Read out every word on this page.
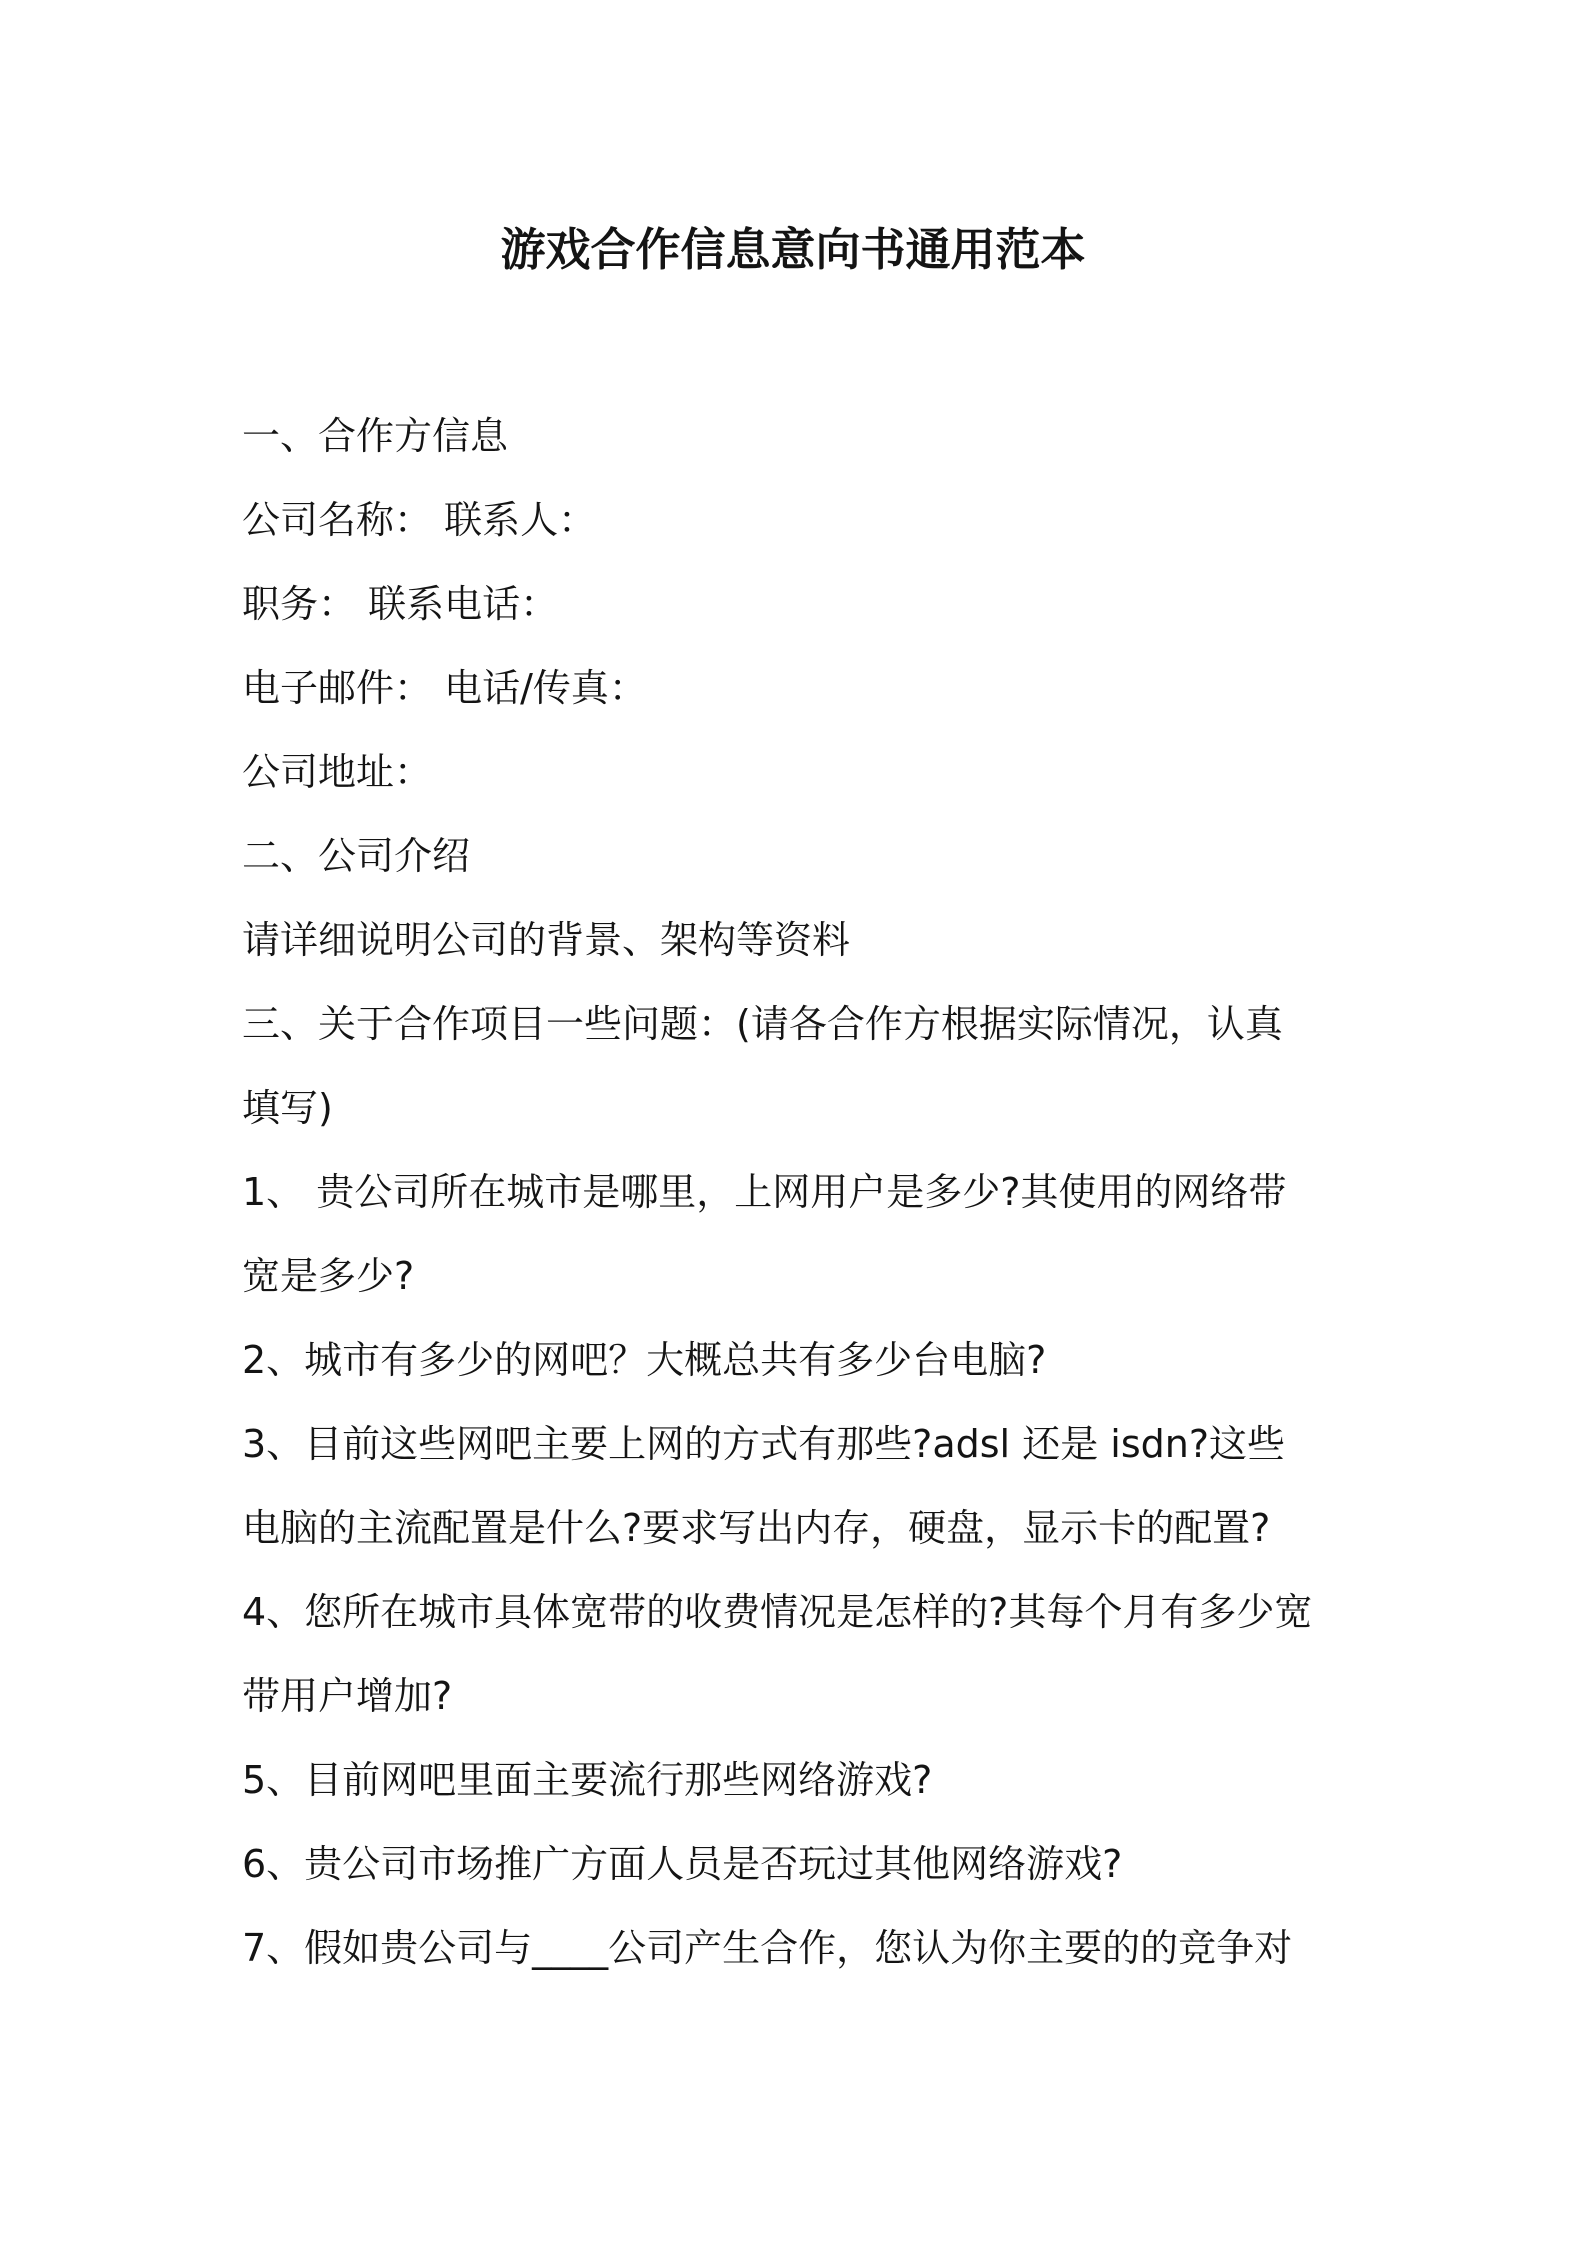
游戏合作信息意向书通用范本
一、合作方信息
公司名称： 联系人：
职务： 联系电话：
电子邮件： 电话/传真：
公司地址：
二、公司介绍
请详细说明公司的背景、架构等资料
三、关于合作项目一些问题：(请各合作方根据实际情况，认真
填写)
1、 贵公司所在城市是哪里，上网用户是多少?其使用的网络带
宽是多少?
2、城市有多少的网吧？大概总共有多少台电脑?
3、目前这些网吧主要上网的方式有那些?adsl 还是 isdn?这些
电脑的主流配置是什么?要求写出内存，硬盘，显示卡的配置?
4、您所在城市具体宽带的收费情况是怎样的?其每个月有多少宽
带用户增加?
5、目前网吧里面主要流行那些网络游戏?
6、贵公司市场推广方面人员是否玩过其他网络游戏?
7、假如贵公司与____公司产生合作，您认为你主要的的竞争对
